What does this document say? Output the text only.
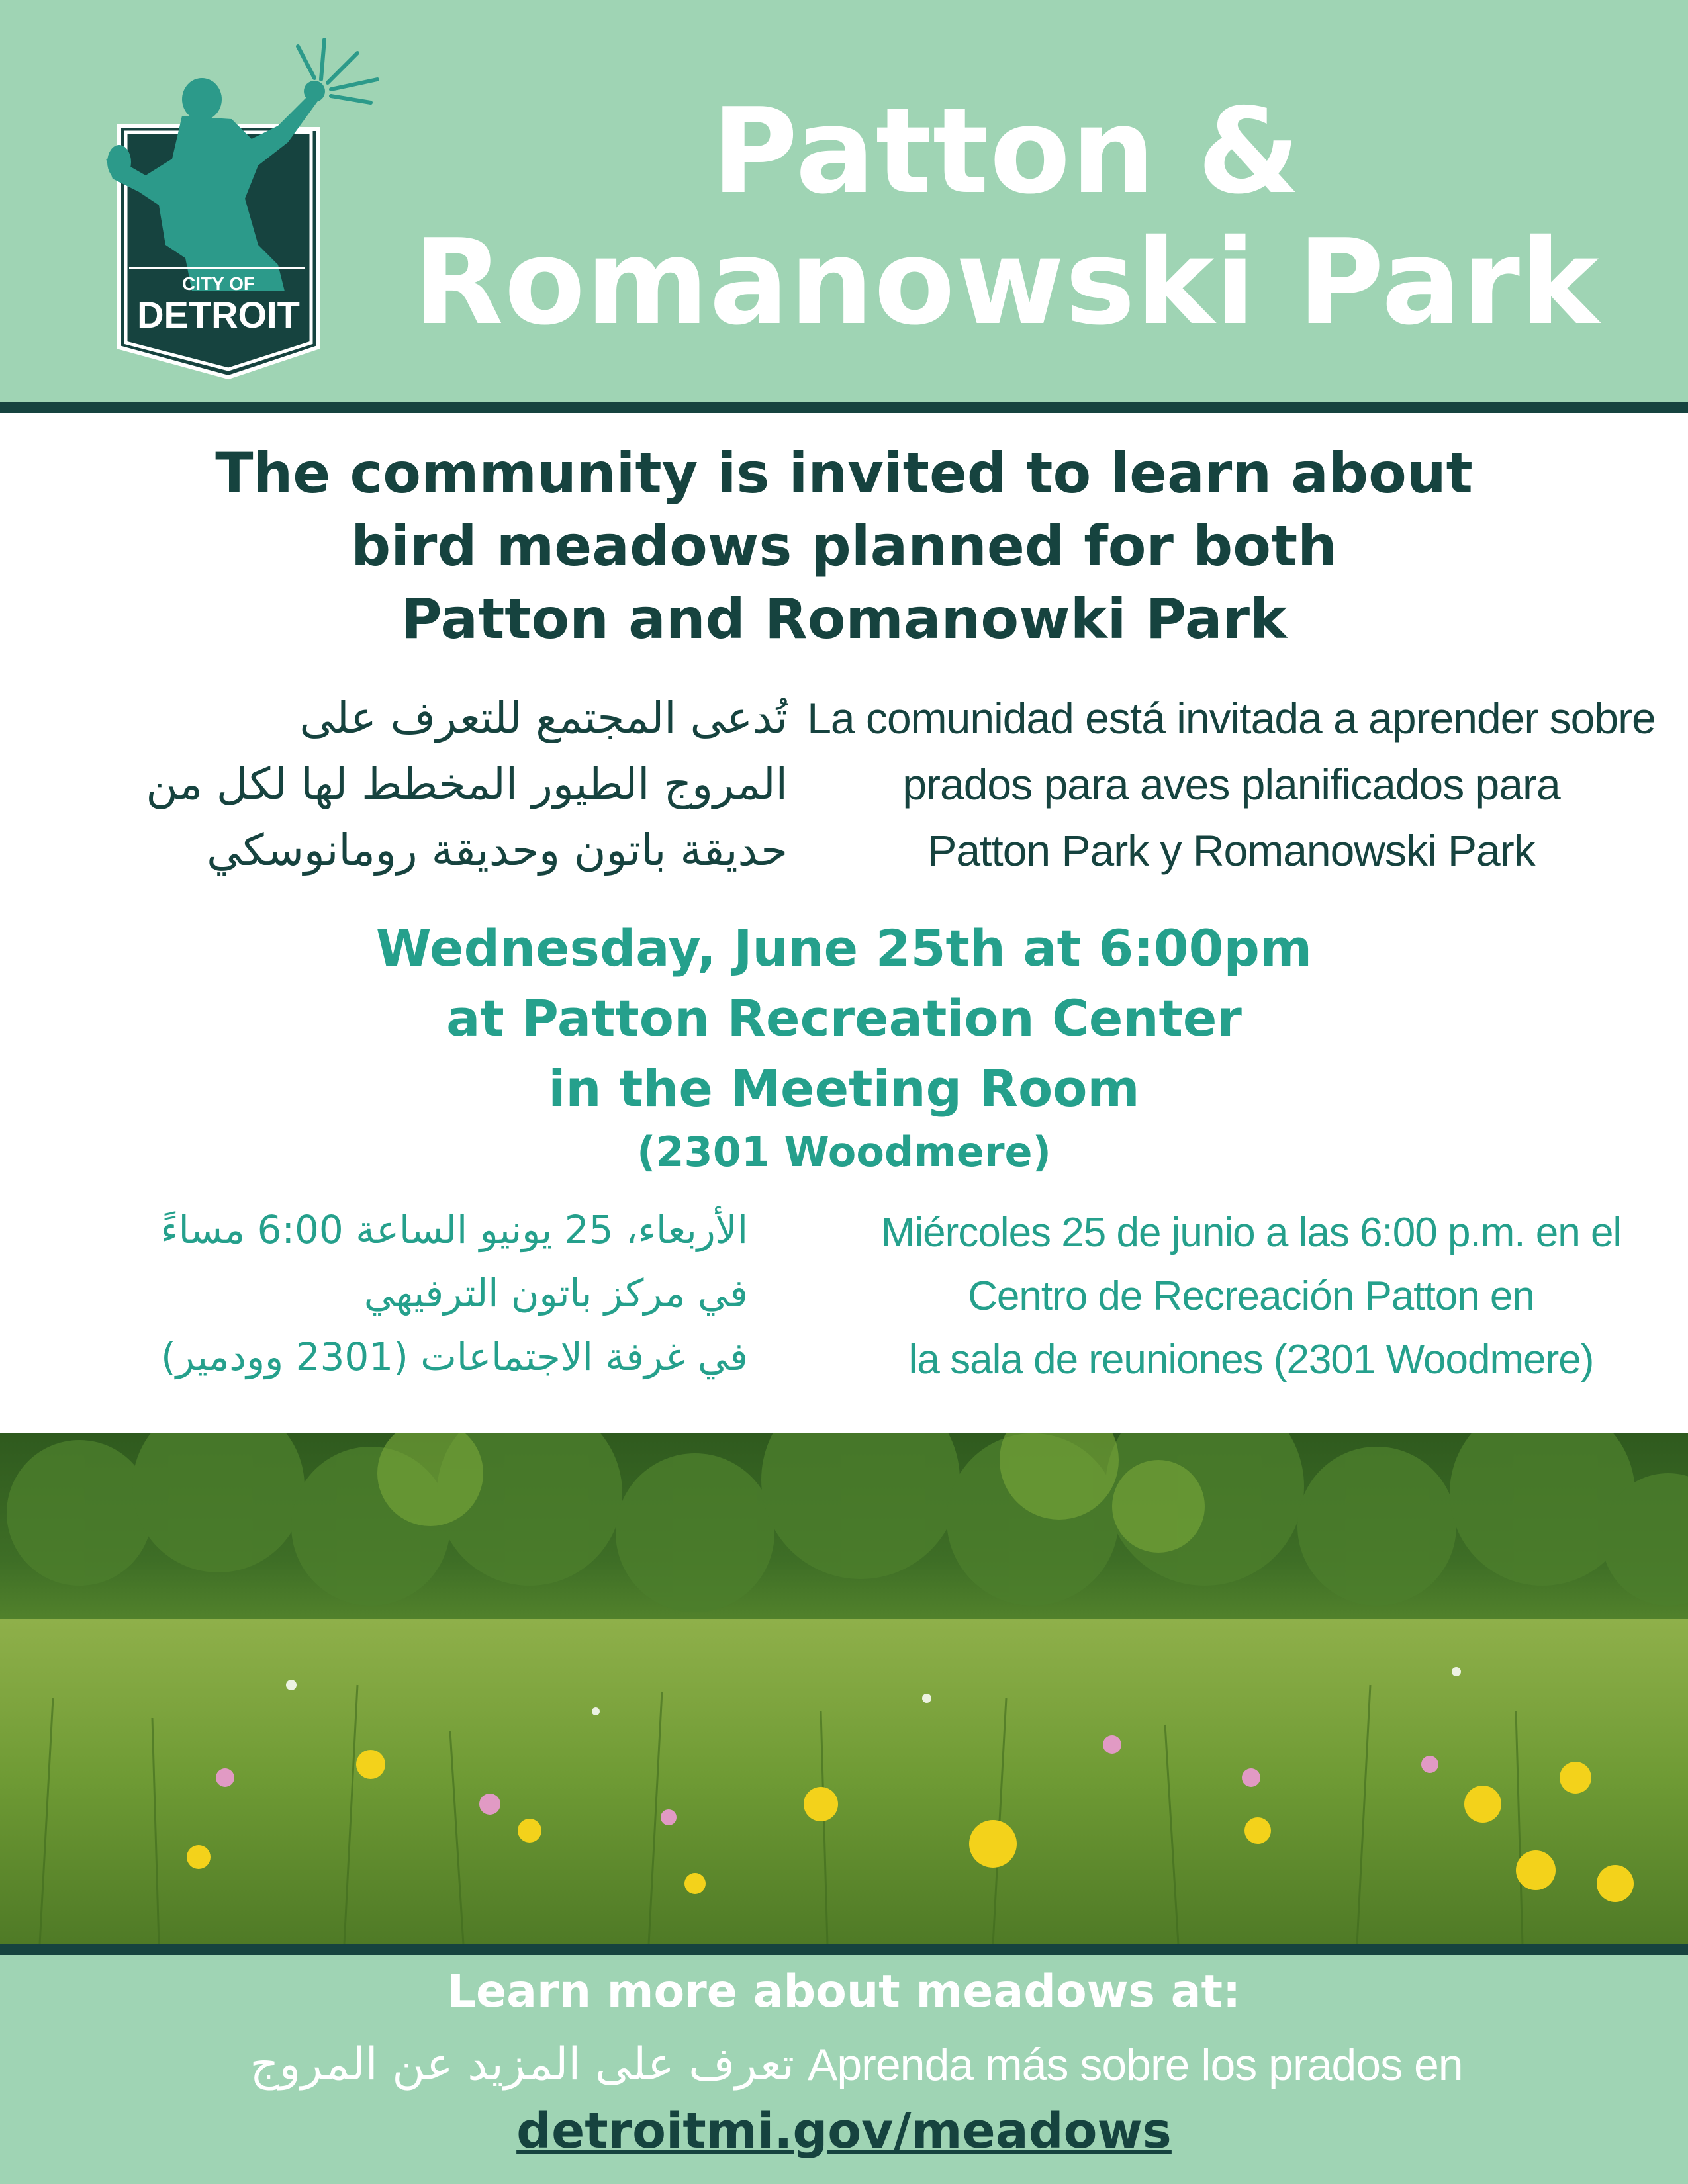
CITY OF
DETROIT
Patton &
Romanowski Park
The community is invited to learn about
bird meadows planned for both
Patton and Romanowki Park
تُدعى المجتمع للتعرف على
المروج الطيور المخطط لها لكل من
حديقة باتون وحديقة رومانوسكي
La comunidad está invitada a aprender sobre
prados para aves planificados para
Patton Park y Romanowski Park
Wednesday, June 25th at 6:00pm
at Patton Recreation Center
in the Meeting Room
(2301 Woodmere)
الأربعاء، 25 يونيو الساعة 6:00 مساءً
في مركز باتون الترفيهي
في غرفة الاجتماعات (2301 وودمير)
Miércoles 25 de junio a las 6:00 p.m. en el
Centro de Recreación Patton en
la sala de reuniones (2301 Woodmere)
Learn more about meadows at:
تعرف على المزيد عن المروج Aprenda más sobre los prados en
detroitmi.gov/meadows
